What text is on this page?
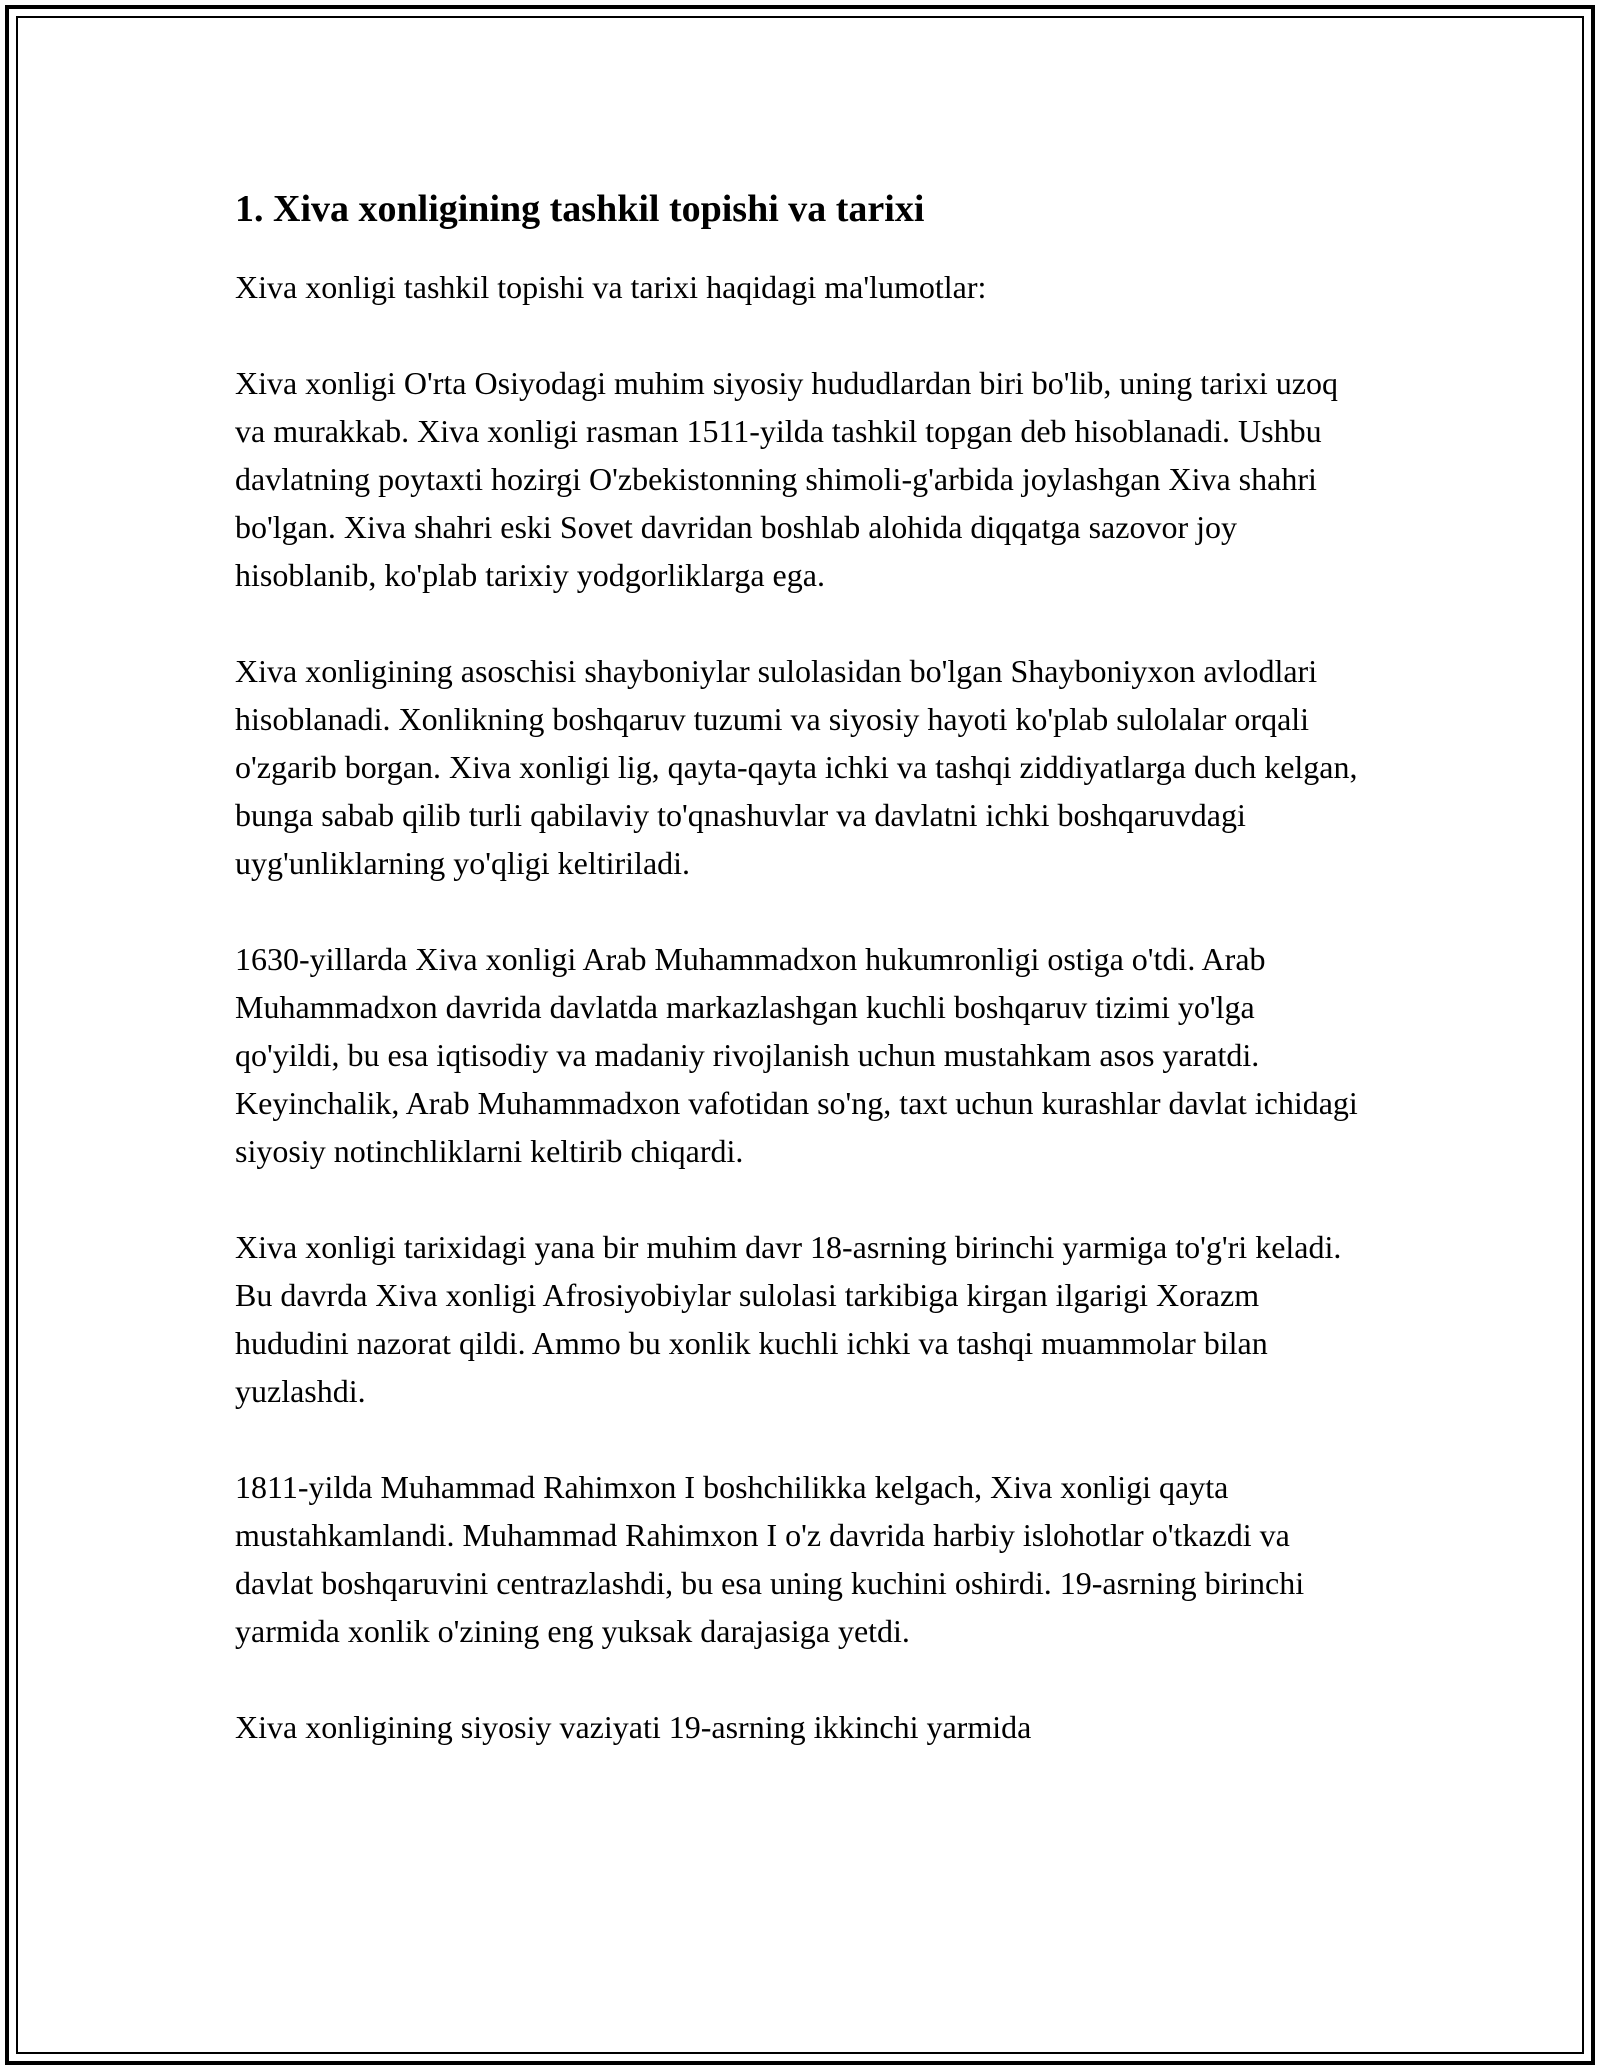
1. Xiva xonligining tashkil topishi va tarixi

Xiva xonligi tashkil topishi va tarixi haqidagi ma'lumotlar:

Xiva xonligi O'rta Osiyodagi muhim siyosiy hududlardan biri bo'lib, uning tarixi uzoq va murakkab. Xiva xonligi rasman 1511-yilda tashkil topgan deb hisoblanadi. Ushbu davlatning poytaxti hozirgi O'zbekistonning shimoli-g'arbida joylashgan Xiva shahri bo'lgan. Xiva shahri eski Sovet davridan boshlab alohida diqqatga sazovor joy hisoblanib, ko'plab tarixiy yodgorliklarga ega.

Xiva xonligining asoschisi shayboniylar sulolasidan bo'lgan Shayboniyxon avlodlari hisoblanadi. Xonlikning boshqaruv tuzumi va siyosiy hayoti ko'plab sulolalar orqali o'zgarib borgan. Xiva xonligi lig, qayta-qayta ichki va tashqi ziddiyatlarga duch kelgan, bunga sabab qilib turli qabilaviy to'qnashuvlar va davlatni ichki boshqaruvdagi uyg'unliklarning yo'qligi keltiriladi.

1630-yillarda Xiva xonligi Arab Muhammadxon hukumronligi ostiga o'tdi. Arab Muhammadxon davrida davlatda markazlashgan kuchli boshqaruv tizimi yo'lga qo'yildi, bu esa iqtisodiy va madaniy rivojlanish uchun mustahkam asos yaratdi. Keyinchalik, Arab Muhammadxon vafotidan so'ng, taxt uchun kurashlar davlat ichidagi siyosiy notinchliklarni keltirib chiqardi.

Xiva xonligi tarixidagi yana bir muhim davr 18-asrning birinchi yarmiga to'g'ri keladi. Bu davrda Xiva xonligi Afrosiyobiylar sulolasi tarkibiga kirgan ilgarigi Xorazm hududini nazorat qildi. Ammo bu xonlik kuchli ichki va tashqi muammolar bilan yuzlashdi.

1811-yilda Muhammad Rahimxon I boshchilikka kelgach, Xiva xonligi qayta mustahkamlandi. Muhammad Rahimxon I o'z davrida harbiy islohotlar o'tkazdi va davlat boshqaruvini centrazlashdi, bu esa uning kuchini oshirdi. 19-asrning birinchi yarmida xonlik o'zining eng yuksak darajasiga yetdi.

Xiva xonligining siyosiy vaziyati 19-asrning ikkinchi yarmida
